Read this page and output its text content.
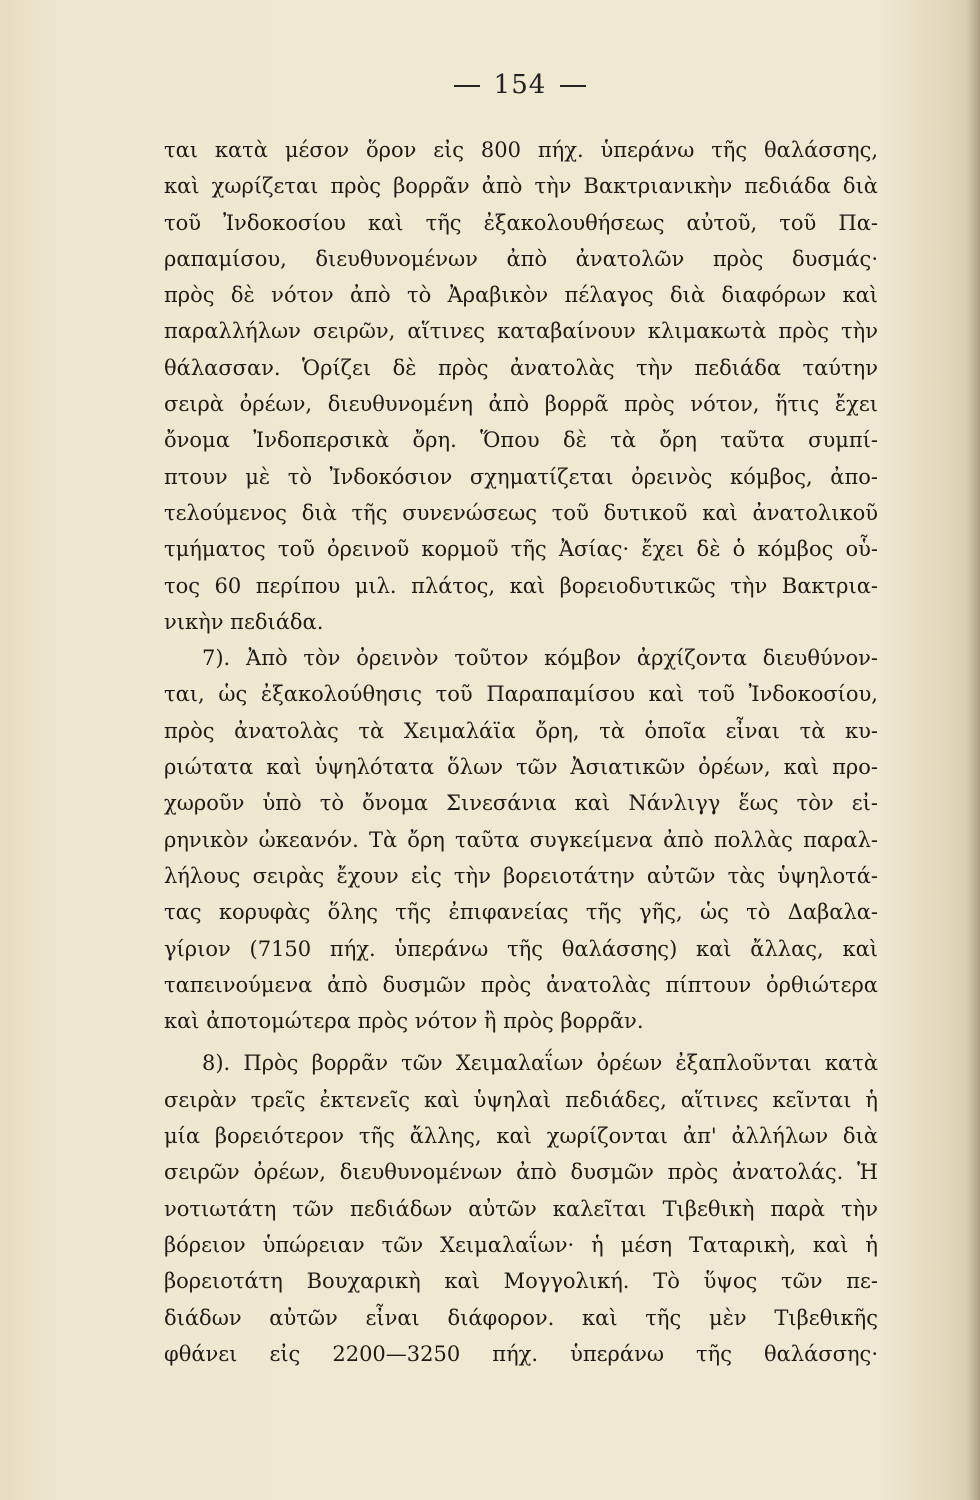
154
ται κατὰ μέσον ὅρον εἰς 800 πήχ. ὑπεράνω τῆς θαλάσσης,
καὶ χωρίζεται πρὸς βορρᾶν ἀπὸ τὴν Βακτριανικὴν πεδιάδα διὰ
τοῦ Ἰνδοκοσίου καὶ τῆς ἐξακολουθήσεως αὐτοῦ, τοῦ Πα-
ραπαμίσου, διευθυνομένων ἀπὸ ἀνατολῶν πρὸς δυσμάς·
πρὸς δὲ νότον ἀπὸ τὸ Ἀραβικὸν πέλαγος διὰ διαφόρων καὶ
παραλλήλων σειρῶν, αἵτινες καταβαίνουν κλιμακωτὰ πρὸς τὴν
θάλασσαν. Ὁρίζει δὲ πρὸς ἀνατολὰς τὴν πεδιάδα ταύτην
σειρὰ ὀρέων, διευθυνομένη ἀπὸ βορρᾶ πρὸς νότον, ἥτις ἔχει
ὄνομα Ἰνδοπερσικὰ ὄρη. Ὅπου δὲ τὰ ὄρη ταῦτα συμπί-
πτουν μὲ τὸ Ἰνδοκόσιον σχηματίζεται ὀρεινὸς κόμβος, ἀπο-
τελούμενος διὰ τῆς συνενώσεως τοῦ δυτικοῦ καὶ ἀνατολικοῦ
τμήματος τοῦ ὀρεινοῦ κορμοῦ τῆς Ἀσίας· ἔχει δὲ ὁ κόμβος οὗ-
τος 60 περίπου μιλ. πλάτος, καὶ βορειοδυτικῶς τὴν Βακτρια-
νικὴν πεδιάδα.
7). Ἀπὸ τὸν ὀρεινὸν τοῦτον κόμβον ἀρχίζοντα διευθύνον-
ται, ὡς ἐξακολούθησις τοῦ Παραπαμίσου καὶ τοῦ Ἰνδοκοσίου,
πρὸς ἀνατολὰς τὰ Χειμαλάϊα ὄρη, τὰ ὁποῖα εἶναι τὰ κυ-
ριώτατα καὶ ὑψηλότατα ὅλων τῶν Ἀσιατικῶν ὀρέων, καὶ προ-
χωροῦν ὑπὸ τὸ ὄνομα Σινεσάνια καὶ Νάνλιγγ ἕως τὸν εἰ-
ρηνικὸν ὠκεανόν. Τὰ ὄρη ταῦτα συγκείμενα ἀπὸ πολλὰς παραλ-
λήλους σειρὰς ἔχουν εἰς τὴν βορειοτάτην αὐτῶν τὰς ὑψηλοτά-
τας κορυφὰς ὅλης τῆς ἐπιφανείας τῆς γῆς, ὡς τὸ Δαβαλα-
γίριον (7150 πήχ. ὑπεράνω τῆς θαλάσσης) καὶ ἄλλας, καὶ
ταπεινούμενα ἀπὸ δυσμῶν πρὸς ἀνατολὰς πίπτουν ὀρθιώτερα
καὶ ἀποτομώτερα πρὸς νότον ἢ πρὸς βορρᾶν.
8). Πρὸς βορρᾶν τῶν Χειμαλαΐων ὀρέων ἐξαπλοῦνται κατὰ
σειρὰν τρεῖς ἐκτενεῖς καὶ ὑψηλαὶ πεδιάδες, αἵτινες κεῖνται ἡ
μία βορειότερον τῆς ἄλλης, καὶ χωρίζονται ἀπ' ἀλλήλων διὰ
σειρῶν ὀρέων, διευθυνομένων ἀπὸ δυσμῶν πρὸς ἀνατολάς. Ἡ
νοτιωτάτη τῶν πεδιάδων αὐτῶν καλεῖται Τιβεθικὴ παρὰ τὴν
βόρειον ὑπώρειαν τῶν Χειμαλαΐων· ἡ μέση Ταταρικὴ, καὶ ἡ
βορειοτάτη Βουχαρικὴ καὶ Μογγολική. Τὸ ὕψος τῶν πε-
διάδων αὐτῶν εἶναι διάφορον. καὶ τῆς μὲν Τιβεθικῆς
φθάνει εἰς 2200—3250 πήχ. ὑπεράνω τῆς θαλάσσης·
